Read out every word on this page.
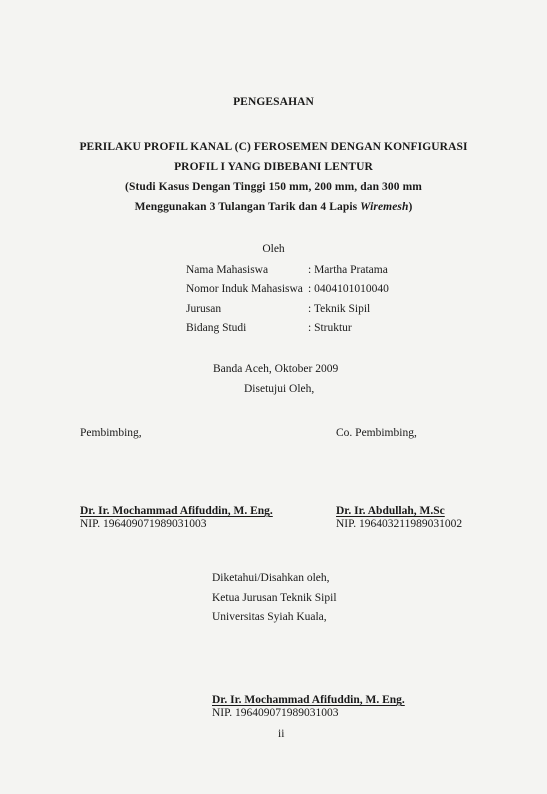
PENGESAHAN
PERILAKU PROFIL KANAL (C) FEROSEMEN DENGAN KONFIGURASI
PROFIL I YANG DIBEBANI LENTUR
(Studi Kasus Dengan Tinggi 150 mm, 200 mm, dan 300 mm
Menggunakan 3 Tulangan Tarik dan 4 Lapis Wiremesh)
Oleh
Nama Mahasiswa	: Martha Pratama
Nomor Induk Mahasiswa : 0404101010040
Jurusan	: Teknik Sipil
Bidang Studi	: Struktur
Banda Aceh, Oktober 2009
Disetujui Oleh,
Pembimbing,	Co. Pembimbing,
Dr. Ir. Mochammad Afifuddin, M. Eng.
NIP. 196409071989031003
Dr. Ir. Abdullah, M.Sc
NIP. 196403211989031002
Diketahui/Disahkan oleh,
Ketua Jurusan Teknik Sipil
Universitas Syiah Kuala,
Dr. Ir. Mochammad Afifuddin, M. Eng.
NIP. 196409071989031003
ii
